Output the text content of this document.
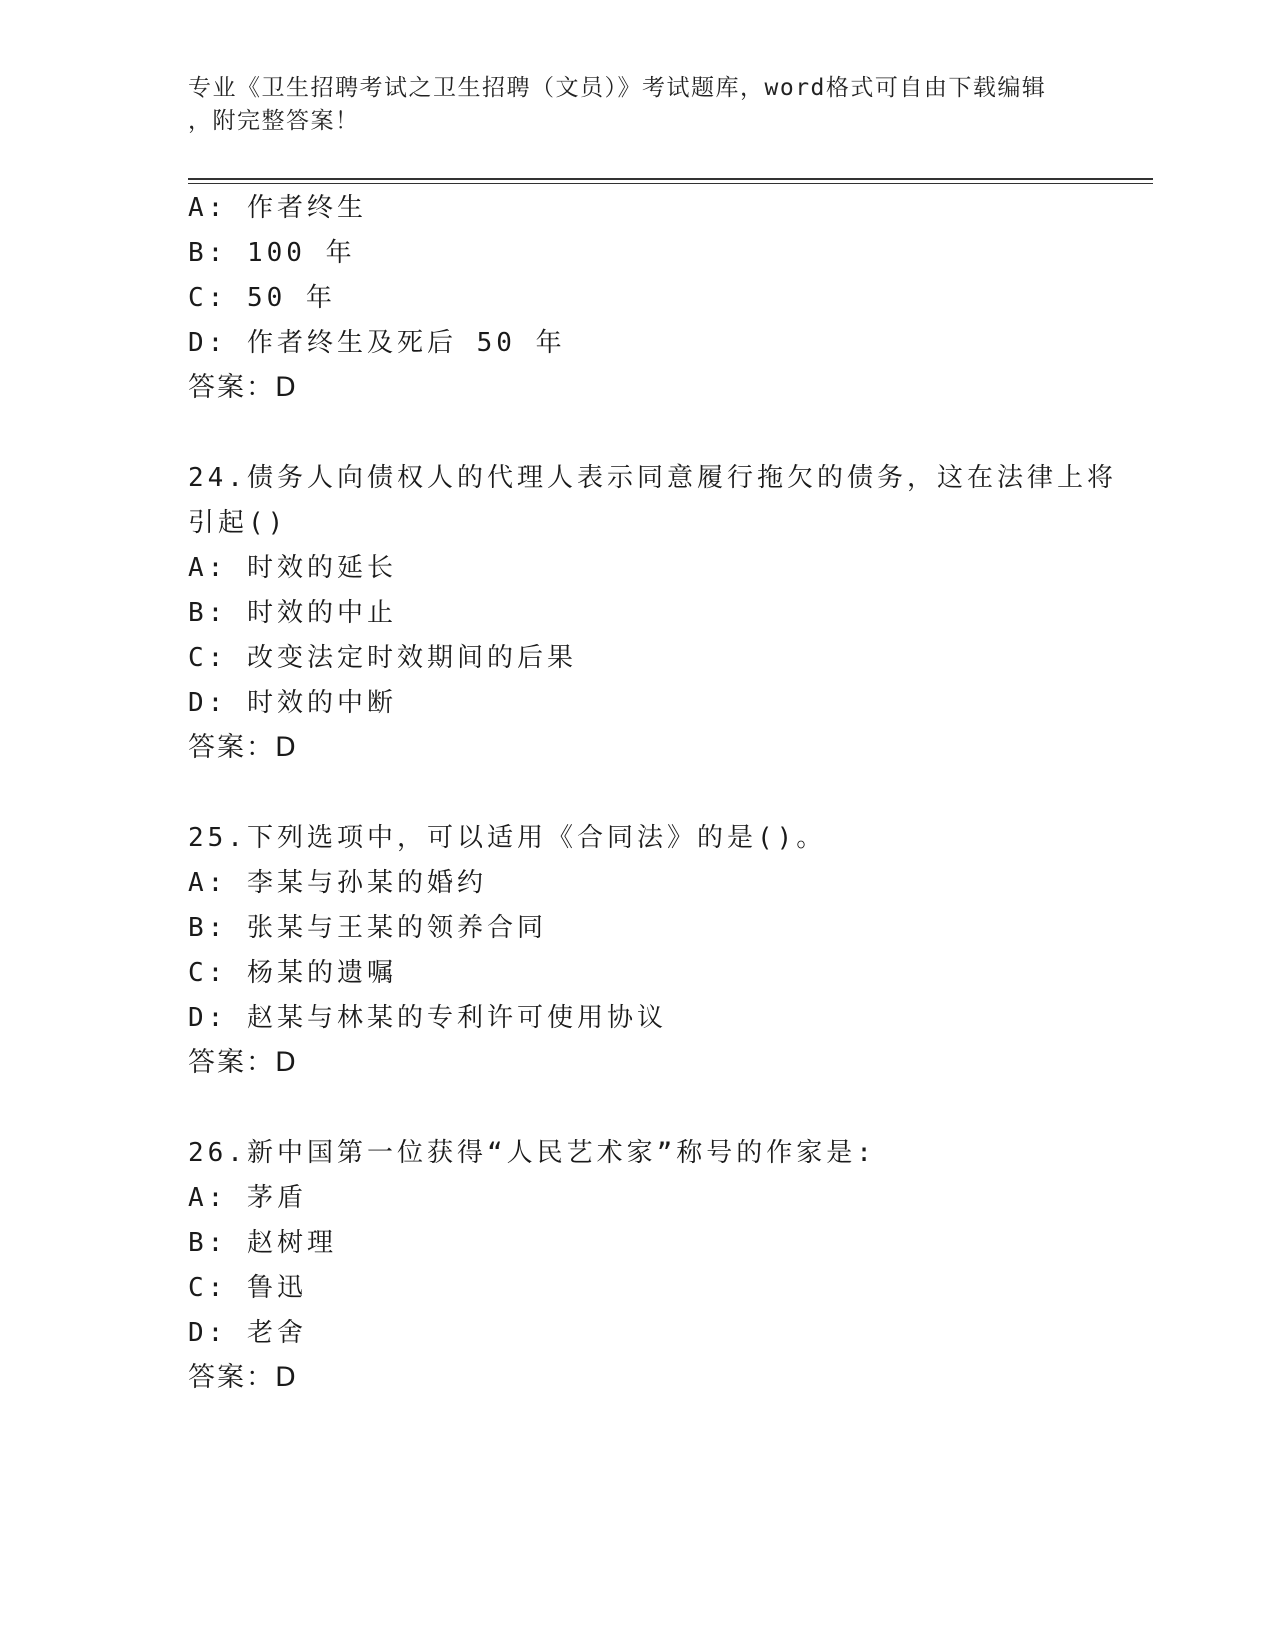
专业《卫生招聘考试之卫生招聘（文员）》考试题库，word格式可自由下载编辑
，附完整答案！
A: 作者终生
B: 100 年
C: 50 年
D: 作者终生及死后 50 年
答案：D
24.债务人向债权人的代理人表示同意履行拖欠的债务，这在法律上将
引起()
A: 时效的延长
B: 时效的中止
C: 改变法定时效期间的后果
D: 时效的中断
答案：D
25.下列选项中，可以适用《合同法》的是()。
A: 李某与孙某的婚约
B: 张某与王某的领养合同
C: 杨某的遗嘱
D: 赵某与林某的专利许可使用协议
答案：D
26.新中国第一位获得“人民艺术家”称号的作家是:
A: 茅盾
B: 赵树理
C: 鲁迅
D: 老舍
答案：D
